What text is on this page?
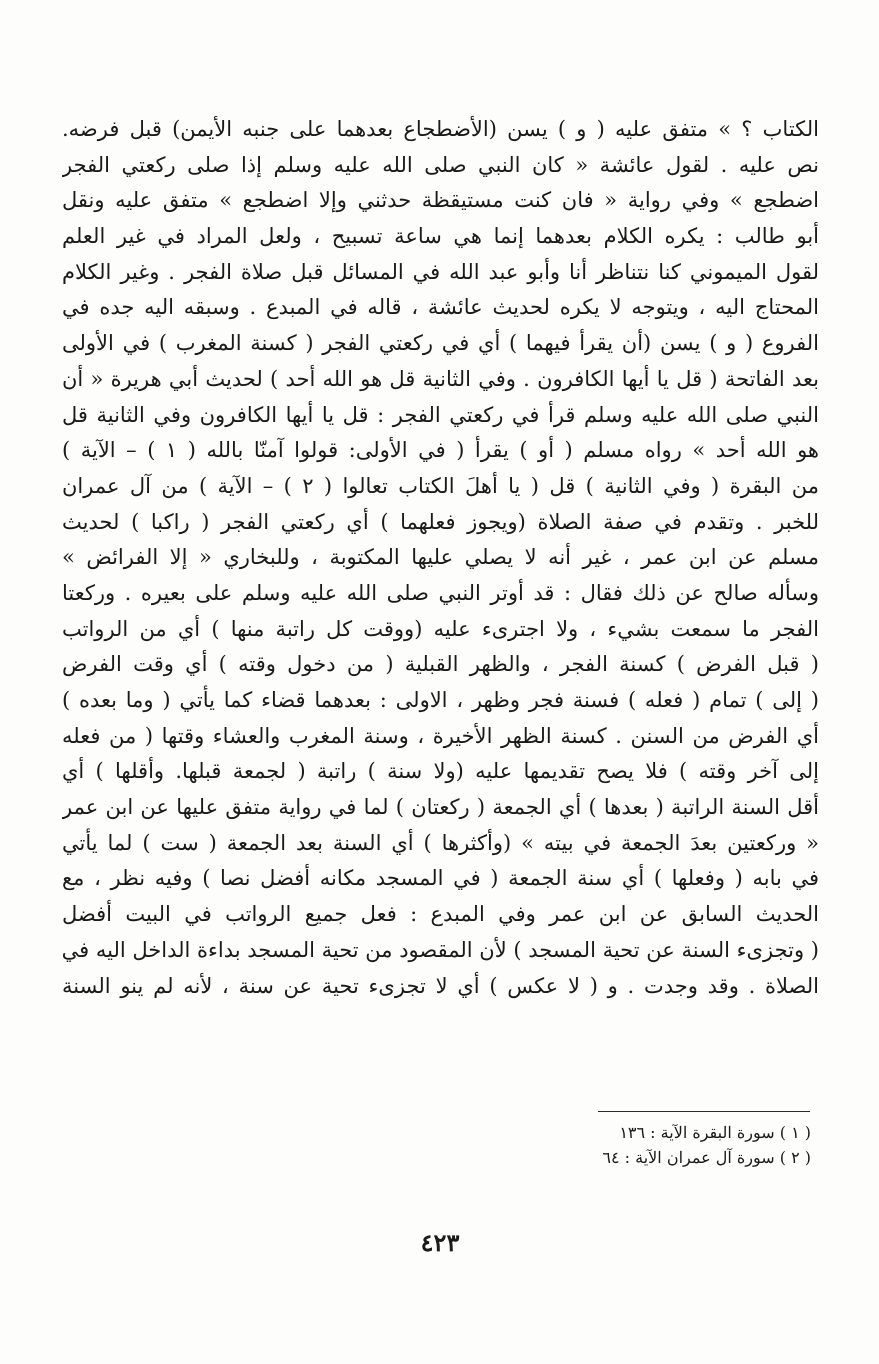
الكتاب ؟ » متفق عليه ( و ) يسن (الأضطجاع بعدهما على جنبه الأيمن) قبل فرضه.
نص عليه . لقول عائشة « كان النبي صلى الله عليه وسلم إذا صلى ركعتي الفجر
اضطجع » وفي رواية « فان كنت مستيقظة حدثني وإلا اضطجع » متفق عليه ونقل
أبو طالب : يكره الكلام بعدهما إنما هي ساعة تسبيح ، ولعل المراد في غير العلم
لقول الميموني كنا نتناظر أنا وأبو عبد الله في المسائل قبل صلاة الفجر . وغير الكلام
المحتاج اليه ، ويتوجه لا يكره لحديث عائشة ، قاله في المبدع . وسبقه اليه جده في
الفروع ( و ) يسن (أن يقرأ فيهما ) أي في ركعتي الفجر ( كسنة المغرب ) في الأولى
بعد الفاتحة ( قل يا أيها الكافرون . وفي الثانية قل هو الله أحد ) لحديث أبي هريرة « أن
النبي صلى الله عليه وسلم قرأ في ركعتي الفجر : قل يا أيها الكافرون وفي الثانية قل
هو الله أحد » رواه مسلم ( أو ) يقرأ ( في الأولى: قولوا آمنّا بالله ( ١ ) – الآية )
من البقرة ( وفي الثانية ) قل ( يا أهلَ الكتاب تعالوا ( ٢ ) – الآية ) من آل عمران
للخبر . وتقدم في صفة الصلاة (ويجوز فعلهما ) أي ركعتي الفجر ( راكبا ) لحديث
مسلم عن ابن عمر ، غير أنه لا يصلي عليها المكتوبة ، وللبخاري « إلا الفرائض »
وسأله صالح عن ذلك فقال : قد أوتر النبي صلى الله عليه وسلم على بعيره . وركعتا
الفجر ما سمعت بشيء ، ولا اجترىء عليه (ووقت كل راتبة منها ) أي من الرواتب
( قبل الفرض ) كسنة الفجر ، والظهر القبلية ( من دخول وقته ) أي وقت الفرض
( إلى ) تمام ( فعله ) فسنة فجر وظهر ، الاولى : بعدهما قضاء كما يأتي ( وما بعده )
أي الفرض من السنن . كسنة الظهر الأخيرة ، وسنة المغرب والعشاء وقتها ( من فعله
إلى آخر وقته ) فلا يصح تقديمها عليه (ولا سنة ) راتبة ( لجمعة قبلها. وأقلها ) أي
أقل السنة الراتبة ( بعدها ) أي الجمعة ( ركعتان ) لما في رواية متفق عليها عن ابن عمر
« وركعتين بعدَ الجمعة في بيته » (وأكثرها ) أي السنة بعد الجمعة ( ست ) لما يأتي
في بابه ( وفعلها ) أي سنة الجمعة ( في المسجد مكانه أفضل نصا ) وفيه نظر ، مع
الحديث السابق عن ابن عمر وفي المبدع : فعل جميع الرواتب في البيت أفضل
( وتجزىء السنة عن تحية المسجد ) لأن المقصود من تحية المسجد بداءة الداخل اليه في
الصلاة . وقد وجدت . و ( لا عكس ) أي لا تجزىء تحية عن سنة ، لأنه لم ينو السنة
( ١ ) سورة البقرة الآية : ١٣٦
( ٢ ) سورة آل عمران الآية : ٦٤
٤٢٣
